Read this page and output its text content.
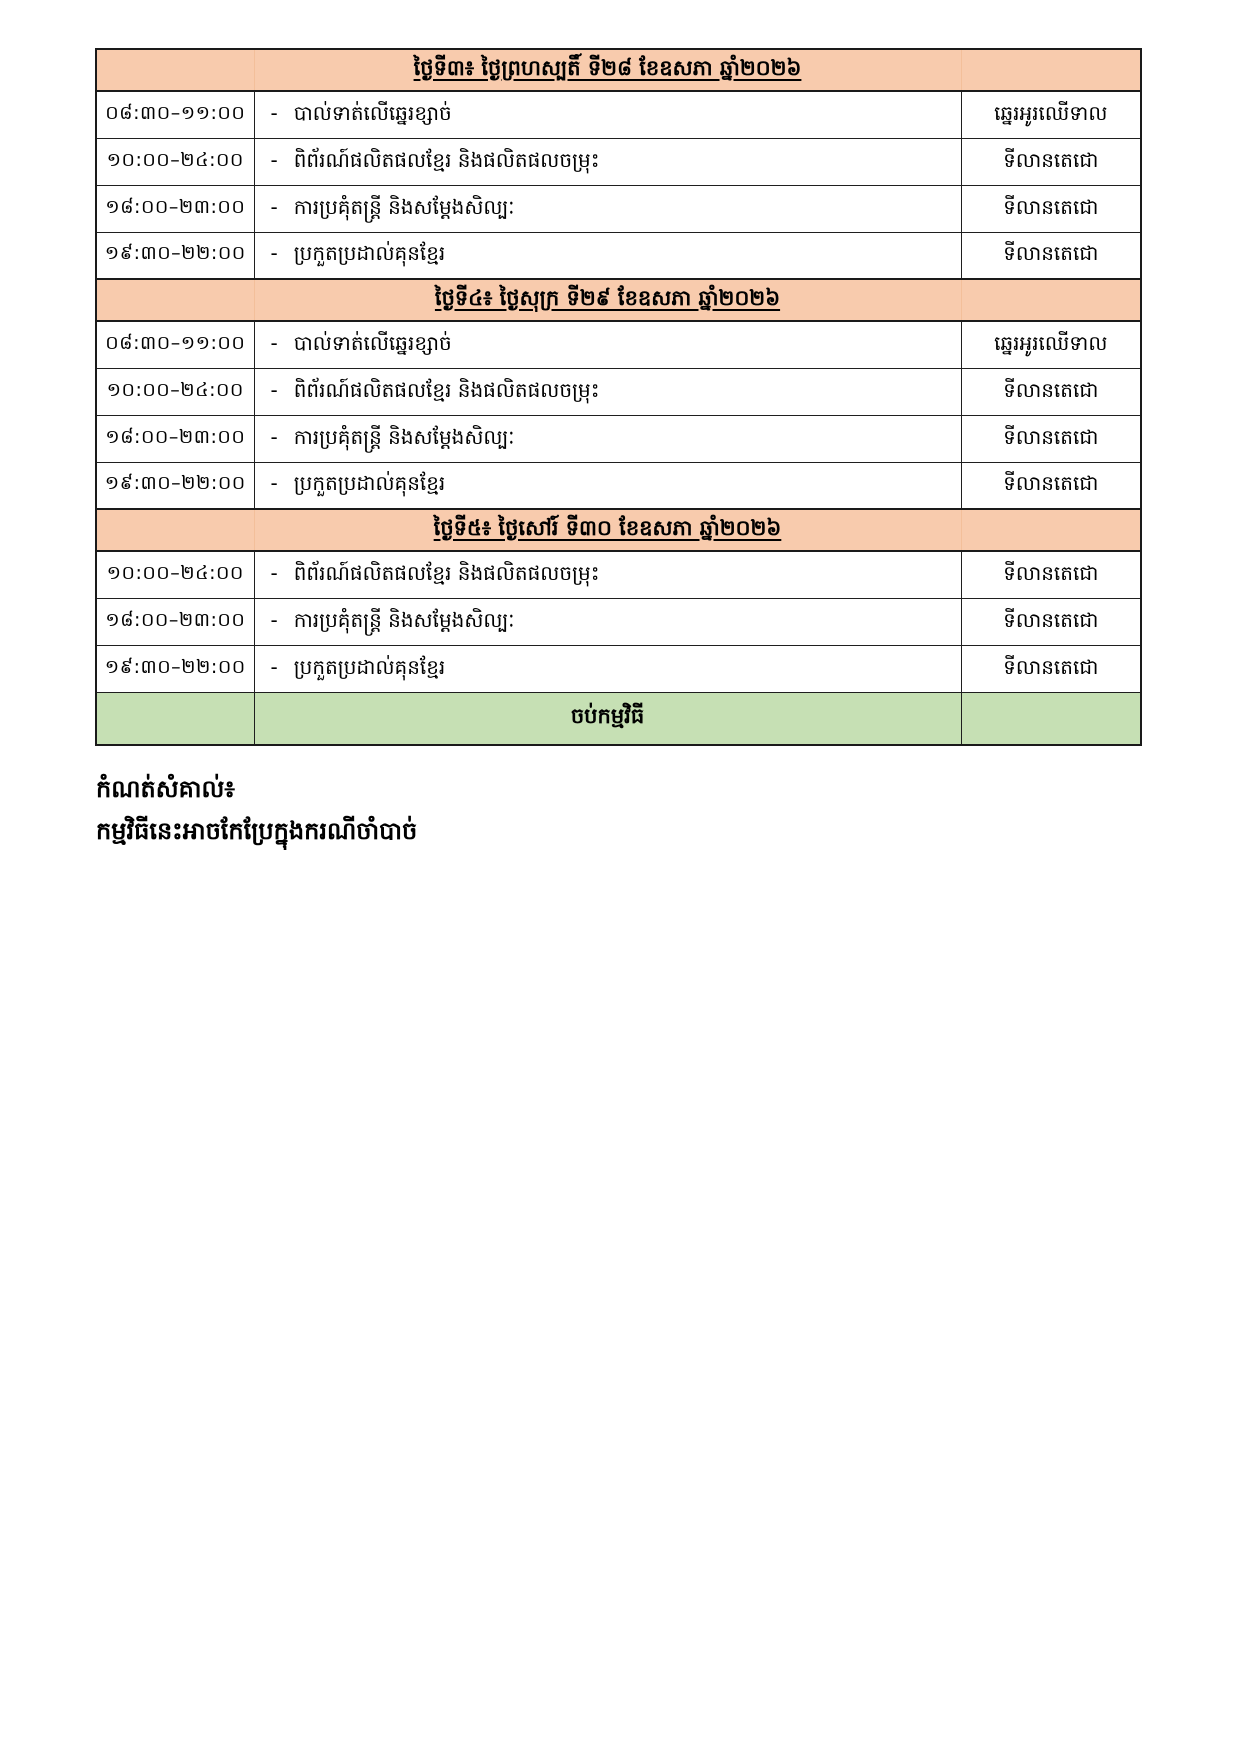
	ថ្ងៃទី៣៖ ថ្ងៃព្រហស្បតិ៍ ទី២៨ ខែឧសភា ឆ្នាំ២០២៦	
០៨:៣០–១១:០០	- បាល់ទាត់លើឆ្នេរខ្សាច់	ឆ្នេរអូរឈើទាល
១០:០០–២៤:០០	- ពិព័រណ៍ផលិតផលខ្មែរ និងផលិតផលចម្រុះ	ទីលានតេជោ
១៨:០០–២៣:០០	- ការប្រគុំតន្ត្រី និងសម្តែងសិល្បៈ	ទីលានតេជោ
១៩:៣០–២២:០០	- ប្រកួតប្រដាល់គុនខ្មែរ	ទីលានតេជោ
	ថ្ងៃទី៤៖ ថ្ងៃសុក្រ ទី២៩ ខែឧសភា ឆ្នាំ២០២៦	
០៨:៣០–១១:០០	- បាល់ទាត់លើឆ្នេរខ្សាច់	ឆ្នេរអូរឈើទាល
១០:០០–២៤:០០	- ពិព័រណ៍ផលិតផលខ្មែរ និងផលិតផលចម្រុះ	ទីលានតេជោ
១៨:០០–២៣:០០	- ការប្រគុំតន្ត្រី និងសម្តែងសិល្បៈ	ទីលានតេជោ
១៩:៣០–២២:០០	- ប្រកួតប្រដាល់គុនខ្មែរ	ទីលានតេជោ
	ថ្ងៃទី៥៖ ថ្ងៃសៅរ៍ ទី៣០ ខែឧសភា ឆ្នាំ២០២៦	
១០:០០–២៤:០០	- ពិព័រណ៍ផលិតផលខ្មែរ និងផលិតផលចម្រុះ	ទីលានតេជោ
១៨:០០–២៣:០០	- ការប្រគុំតន្ត្រី និងសម្តែងសិល្បៈ	ទីលានតេជោ
១៩:៣០–២២:០០	- ប្រកួតប្រដាល់គុនខ្មែរ	ទីលានតេជោ
	ចប់កម្មវិធី	
កំណត់សំគាល់៖
កម្មវិធីនេះអាចកែប្រែក្នុងករណីចាំបាច់
